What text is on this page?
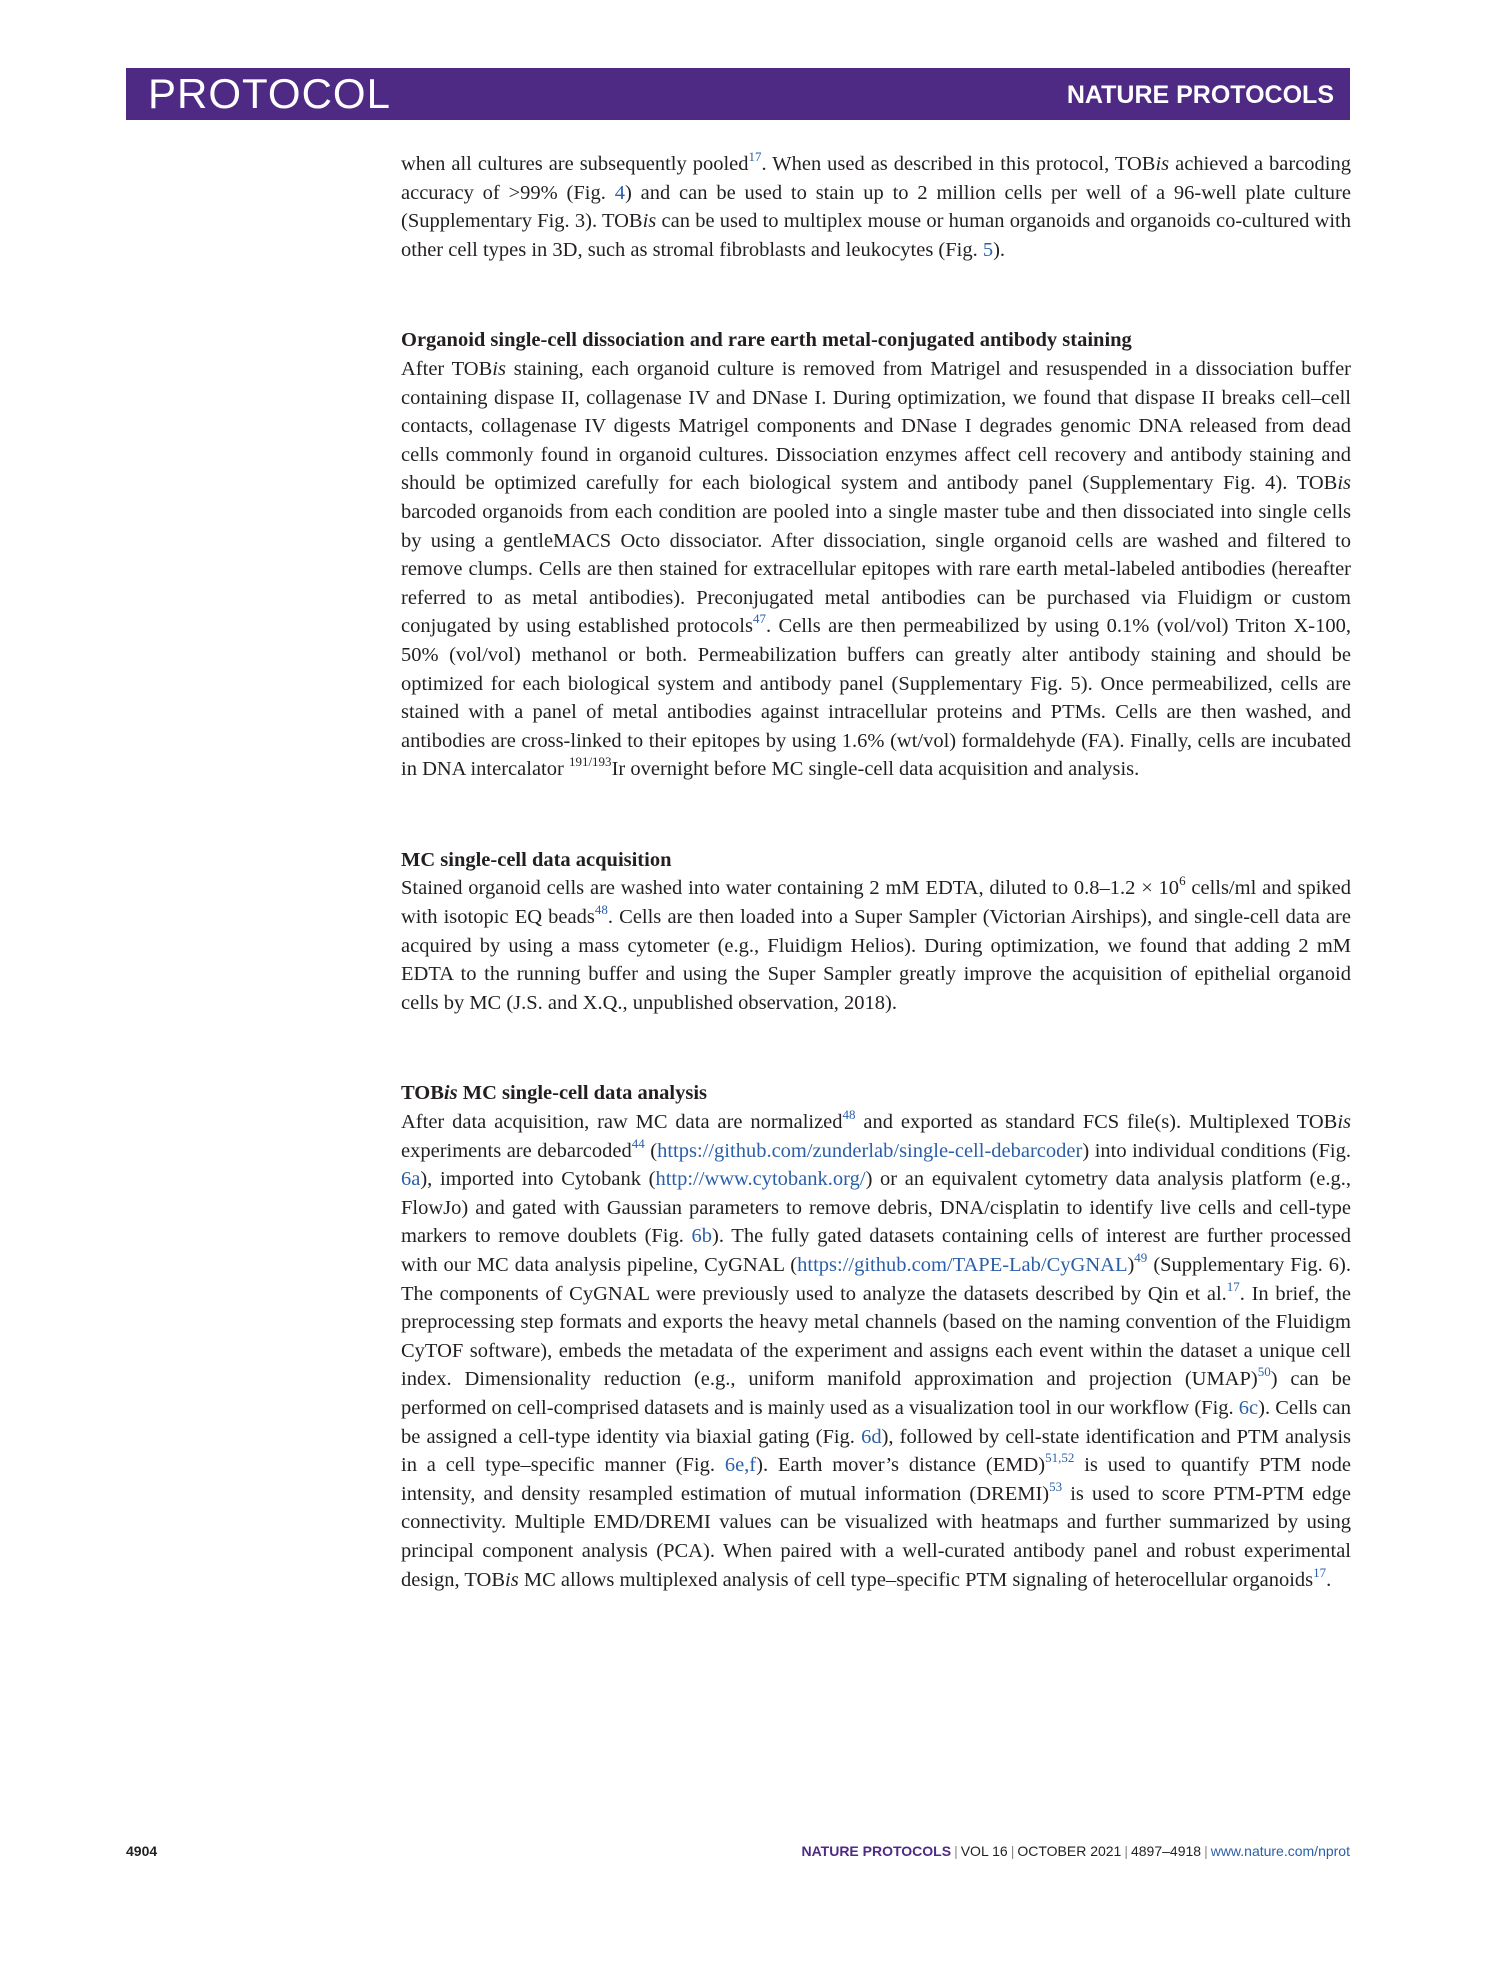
PROTOCOL	NATURE PROTOCOLS

when all cultures are subsequently pooled$^{17}$. When used as described in this protocol, TOBis achieved a barcoding accuracy of >99% (Fig. 4) and can be used to stain up to 2 million cells per well of a 96-well plate culture (Supplementary Fig. 3). TOBis can be used to multiplex mouse or human organoids and organoids co-cultured with other cell types in 3D, such as stromal fibroblasts and leukocytes (Fig. 5).

Organoid single-cell dissociation and rare earth metal-conjugated antibody staining

After TOBis staining, each organoid culture is removed from Matrigel and resuspended in a dissociation buffer containing dispase II, collagenase IV and DNase I. During optimization, we found that dispase II breaks cell–cell contacts, collagenase IV digests Matrigel components and DNase I degrades genomic DNA released from dead cells commonly found in organoid cultures. Dissociation enzymes affect cell recovery and antibody staining and should be optimized carefully for each biological system and antibody panel (Supplementary Fig. 4). TOBis barcoded organoids from each condition are pooled into a single master tube and then dissociated into single cells by using a gentleMACS Octo dissociator. After dissociation, single organoid cells are washed and filtered to remove clumps. Cells are then stained for extracellular epitopes with rare earth metal-labeled antibodies (hereafter referred to as metal antibodies). Preconjugated metal antibodies can be purchased via Fluidigm or custom conjugated by using established protocols$^{47}$. Cells are then permeabilized by using 0.1% (vol/vol) Triton X-100, 50% (vol/vol) methanol or both. Permeabilization buffers can greatly alter antibody staining and should be optimized for each biological system and antibody panel (Supplementary Fig. 5). Once permeabilized, cells are stained with a panel of metal antibodies against intracellular proteins and PTMs. Cells are then washed, and antibodies are cross-linked to their epitopes by using 1.6% (wt/vol) formaldehyde (FA). Finally, cells are incubated in DNA intercalator $^{191/193}$Ir overnight before MC single-cell data acquisition and analysis.

MC single-cell data acquisition

Stained organoid cells are washed into water containing 2 mM EDTA, diluted to $0.8-1.2 \times 10^6$ cells/ml and spiked with isotopic EQ beads$^{48}$. Cells are then loaded into a Super Sampler (Victorian Airships), and single-cell data are acquired by using a mass cytometer (e.g., Fluidigm Helios). During optimization, we found that adding 2 mM EDTA to the running buffer and using the Super Sampler greatly improve the acquisition of epithelial organoid cells by MC (J.S. and X.Q., unpublished observation, 2018).

TOBis MC single-cell data analysis

After data acquisition, raw MC data are normalized$^{48}$ and exported as standard FCS file(s). Multiplexed TOBis experiments are debarcoded$^{44}$ (https://github.com/zunderlab/single-cell-debarcoder) into individual conditions (Fig. 6a), imported into Cytobank (http://www.cytobank.org/) or an equivalent cytometry data analysis platform (e.g., FlowJo) and gated with Gaussian parameters to remove debris, DNA/cisplatin to identify live cells and cell-type markers to remove doublets (Fig. 6b). The fully gated datasets containing cells of interest are further processed with our MC data analysis pipeline, CyGNAL (https://github.com/TAPE-Lab/CyGNAL)$^{49}$ (Supplementary Fig. 6). The components of CyGNAL were previously used to analyze the datasets described by Qin et al.$^{17}$. In brief, the preprocessing step formats and exports the heavy metal channels (based on the naming convention of the Fluidigm CyTOF software), embeds the metadata of the experiment and assigns each event within the dataset a unique cell index. Dimensionality reduction (e.g., uniform manifold approximation and projection (UMAP)$^{50}$) can be performed on cell-comprised datasets and is mainly used as a visualization tool in our workflow (Fig. 6c). Cells can be assigned a cell-type identity via biaxial gating (Fig. 6d), followed by cell-state identification and PTM analysis in a cell type–specific manner (Fig. 6e,f). Earth mover’s distance (EMD)$^{51,52}$ is used to quantify PTM node intensity, and density resampled estimation of mutual information (DREMI)$^{53}$ is used to score PTM-PTM edge connectivity. Multiple EMD/DREMI values can be visualized with heatmaps and further summarized by using principal component analysis (PCA). When paired with a well-curated antibody panel and robust experimental design, TOBis MC allows multiplexed analysis of cell type–specific PTM signaling of heterocellular organoids$^{17}$.

4904	NATURE PROTOCOLS | VOL 16 | OCTOBER 2021 | 4897–4918 | www.nature.com/nprot
